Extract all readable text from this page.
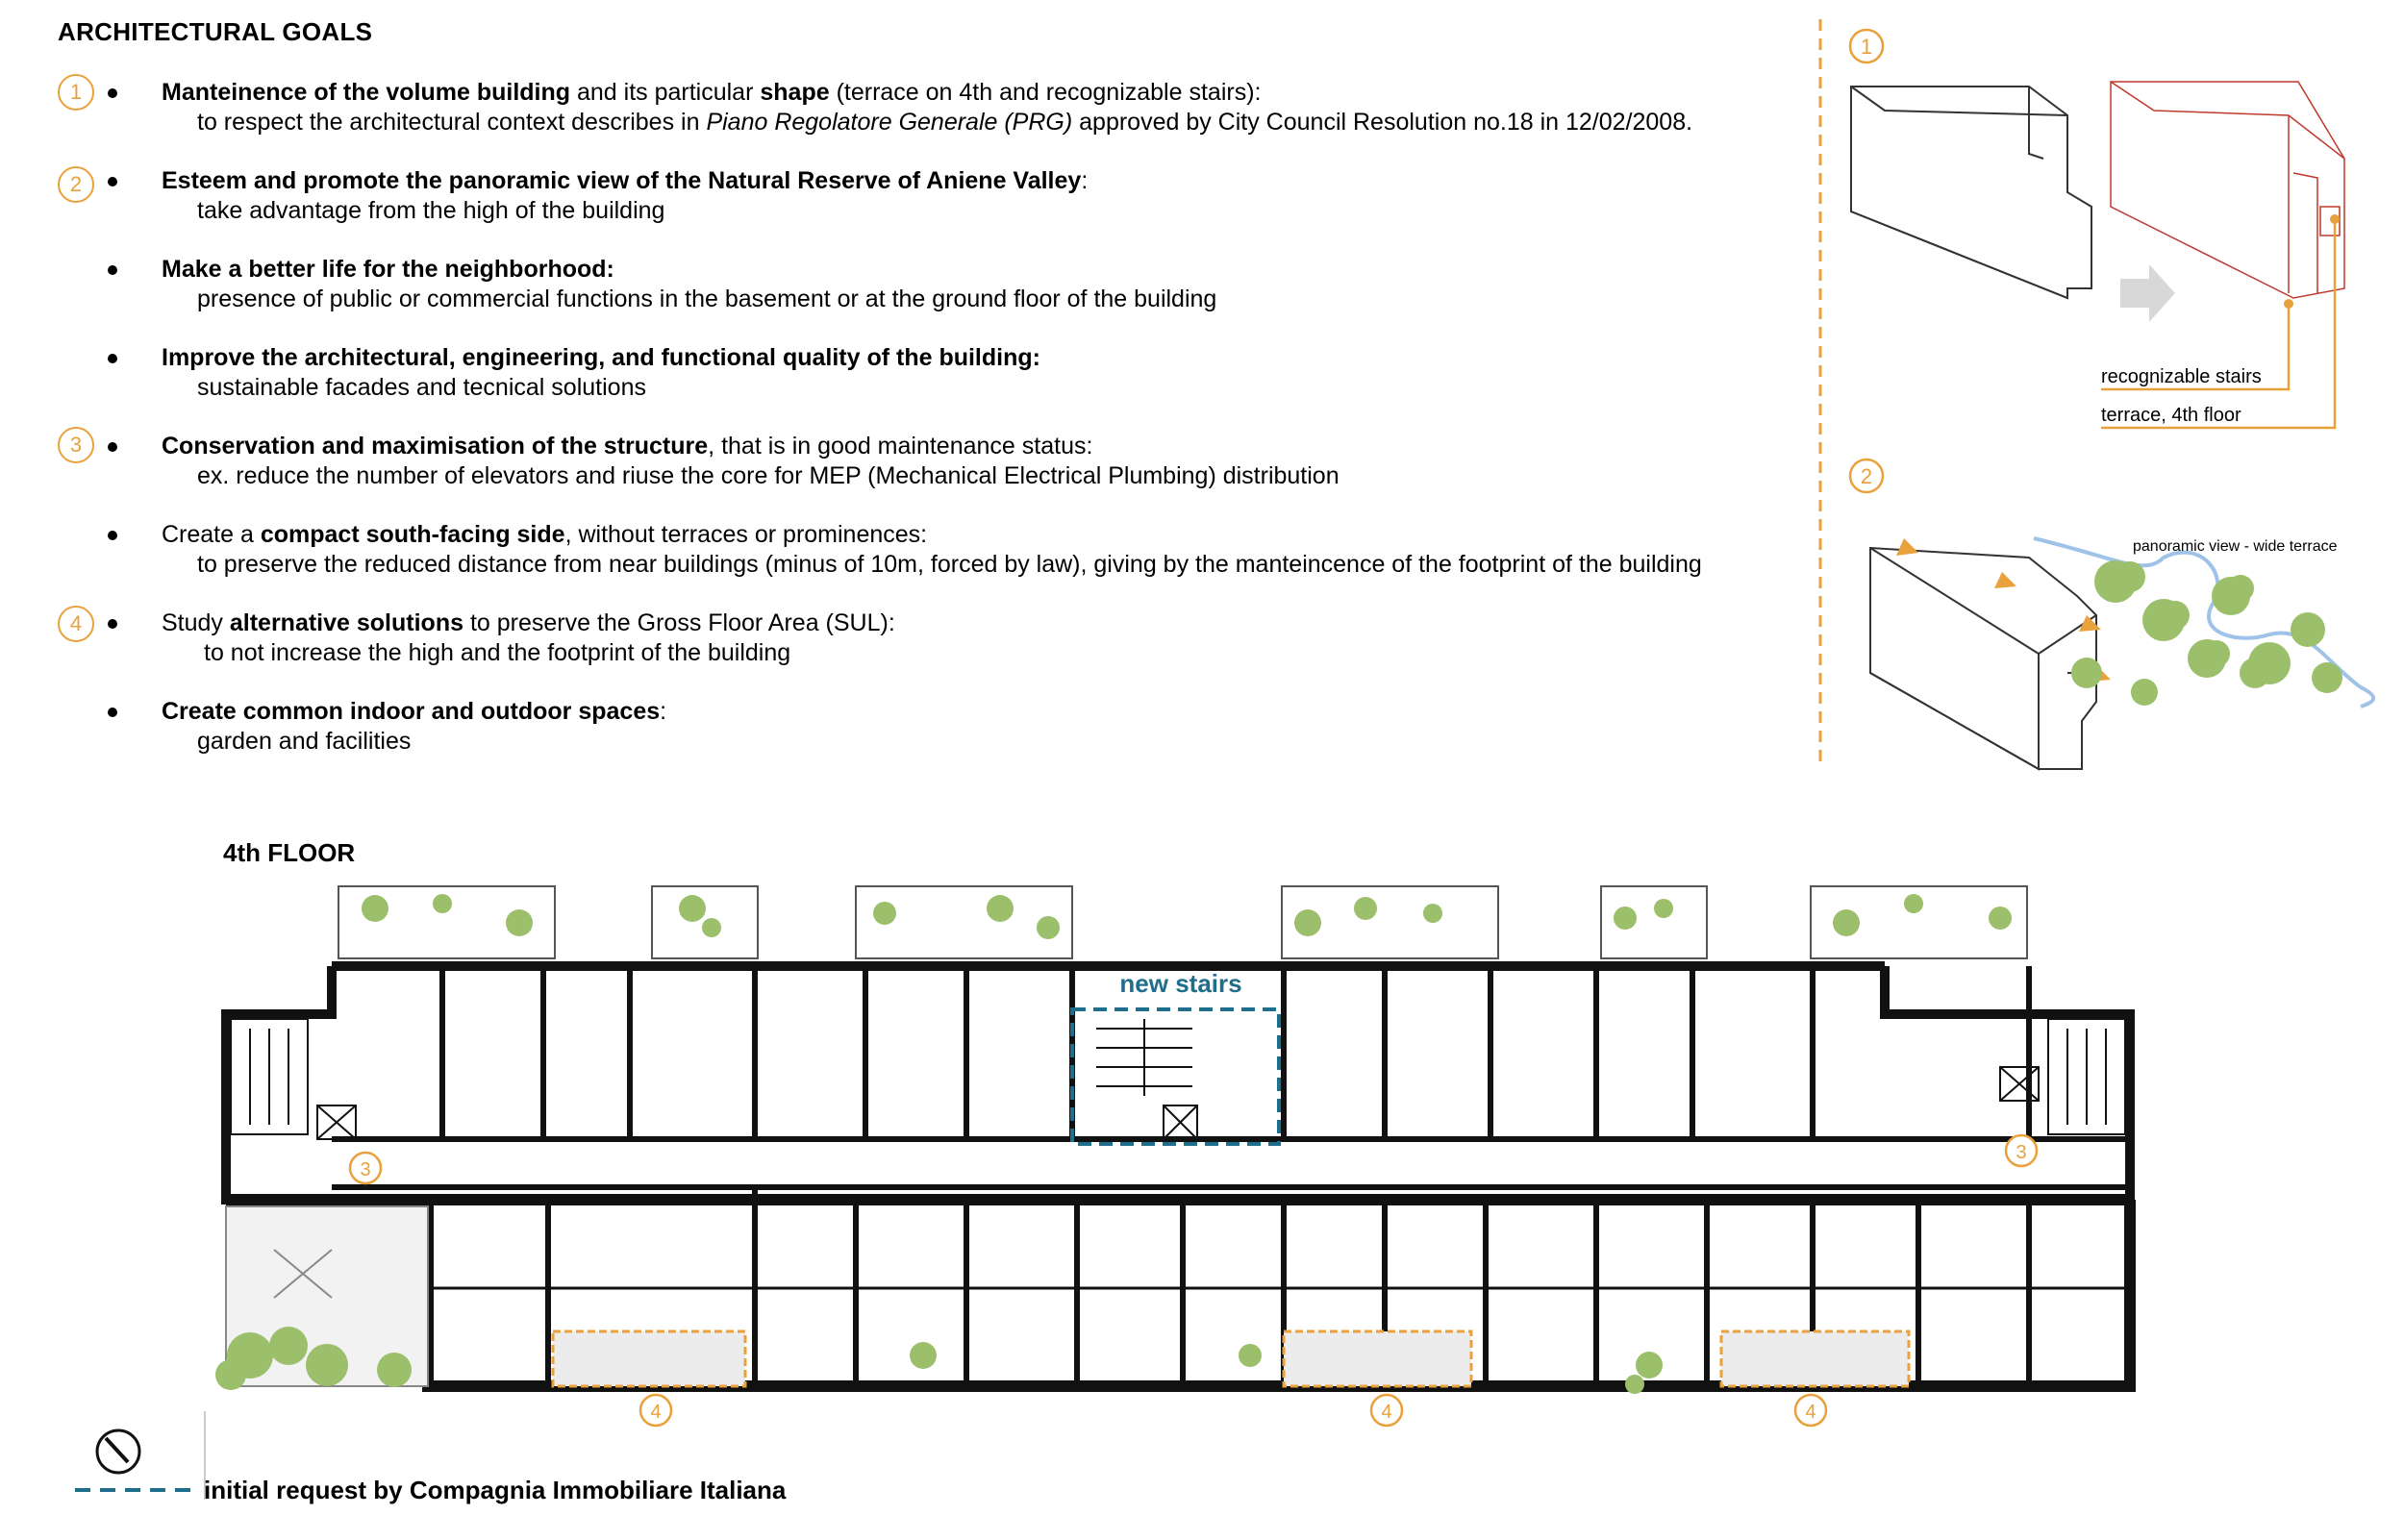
ARCHITECTURAL GOALS
1	Manteinence of the volume building and its particular shape (terrace on 4th and recognizable stairs):
to respect the architectural context describes in Piano Regolatore Generale (PRG) approved by City Council Resolution no.18 in 12/02/2008.
2	Esteem and promote the panoramic view of the Natural Reserve of Aniene Valley:
take advantage from the high of the building
Make a better life for the neighborhood:
presence of public or commercial functions in the basement or at the ground floor of the building
Improve the architectural, engineering, and functional quality of the building:
sustainable facades and tecnical solutions
3	Conservation and maximisation of the structure, that is in good maintenance status:
ex. reduce the number of elevators and riuse the core for MEP (Mechanical Electrical Plumbing) distribution
Create a compact south-facing side, without terraces or prominences:
to preserve the reduced distance from near buildings (minus of 10m, forced by law), giving by the manteincence of the footprint of the building
4	Study alternative solutions to preserve the Gross Floor Area (SUL):
to not increase the high and the footprint of the building
Create common indoor and outdoor spaces:
garden and facilities
1
2
recognizable stairs
terrace, 4th floor
panoramic view - wide terrace
new stairs
3
3
4	4	4
4th FLOOR
initial request by Compagnia Immobiliare Italiana
